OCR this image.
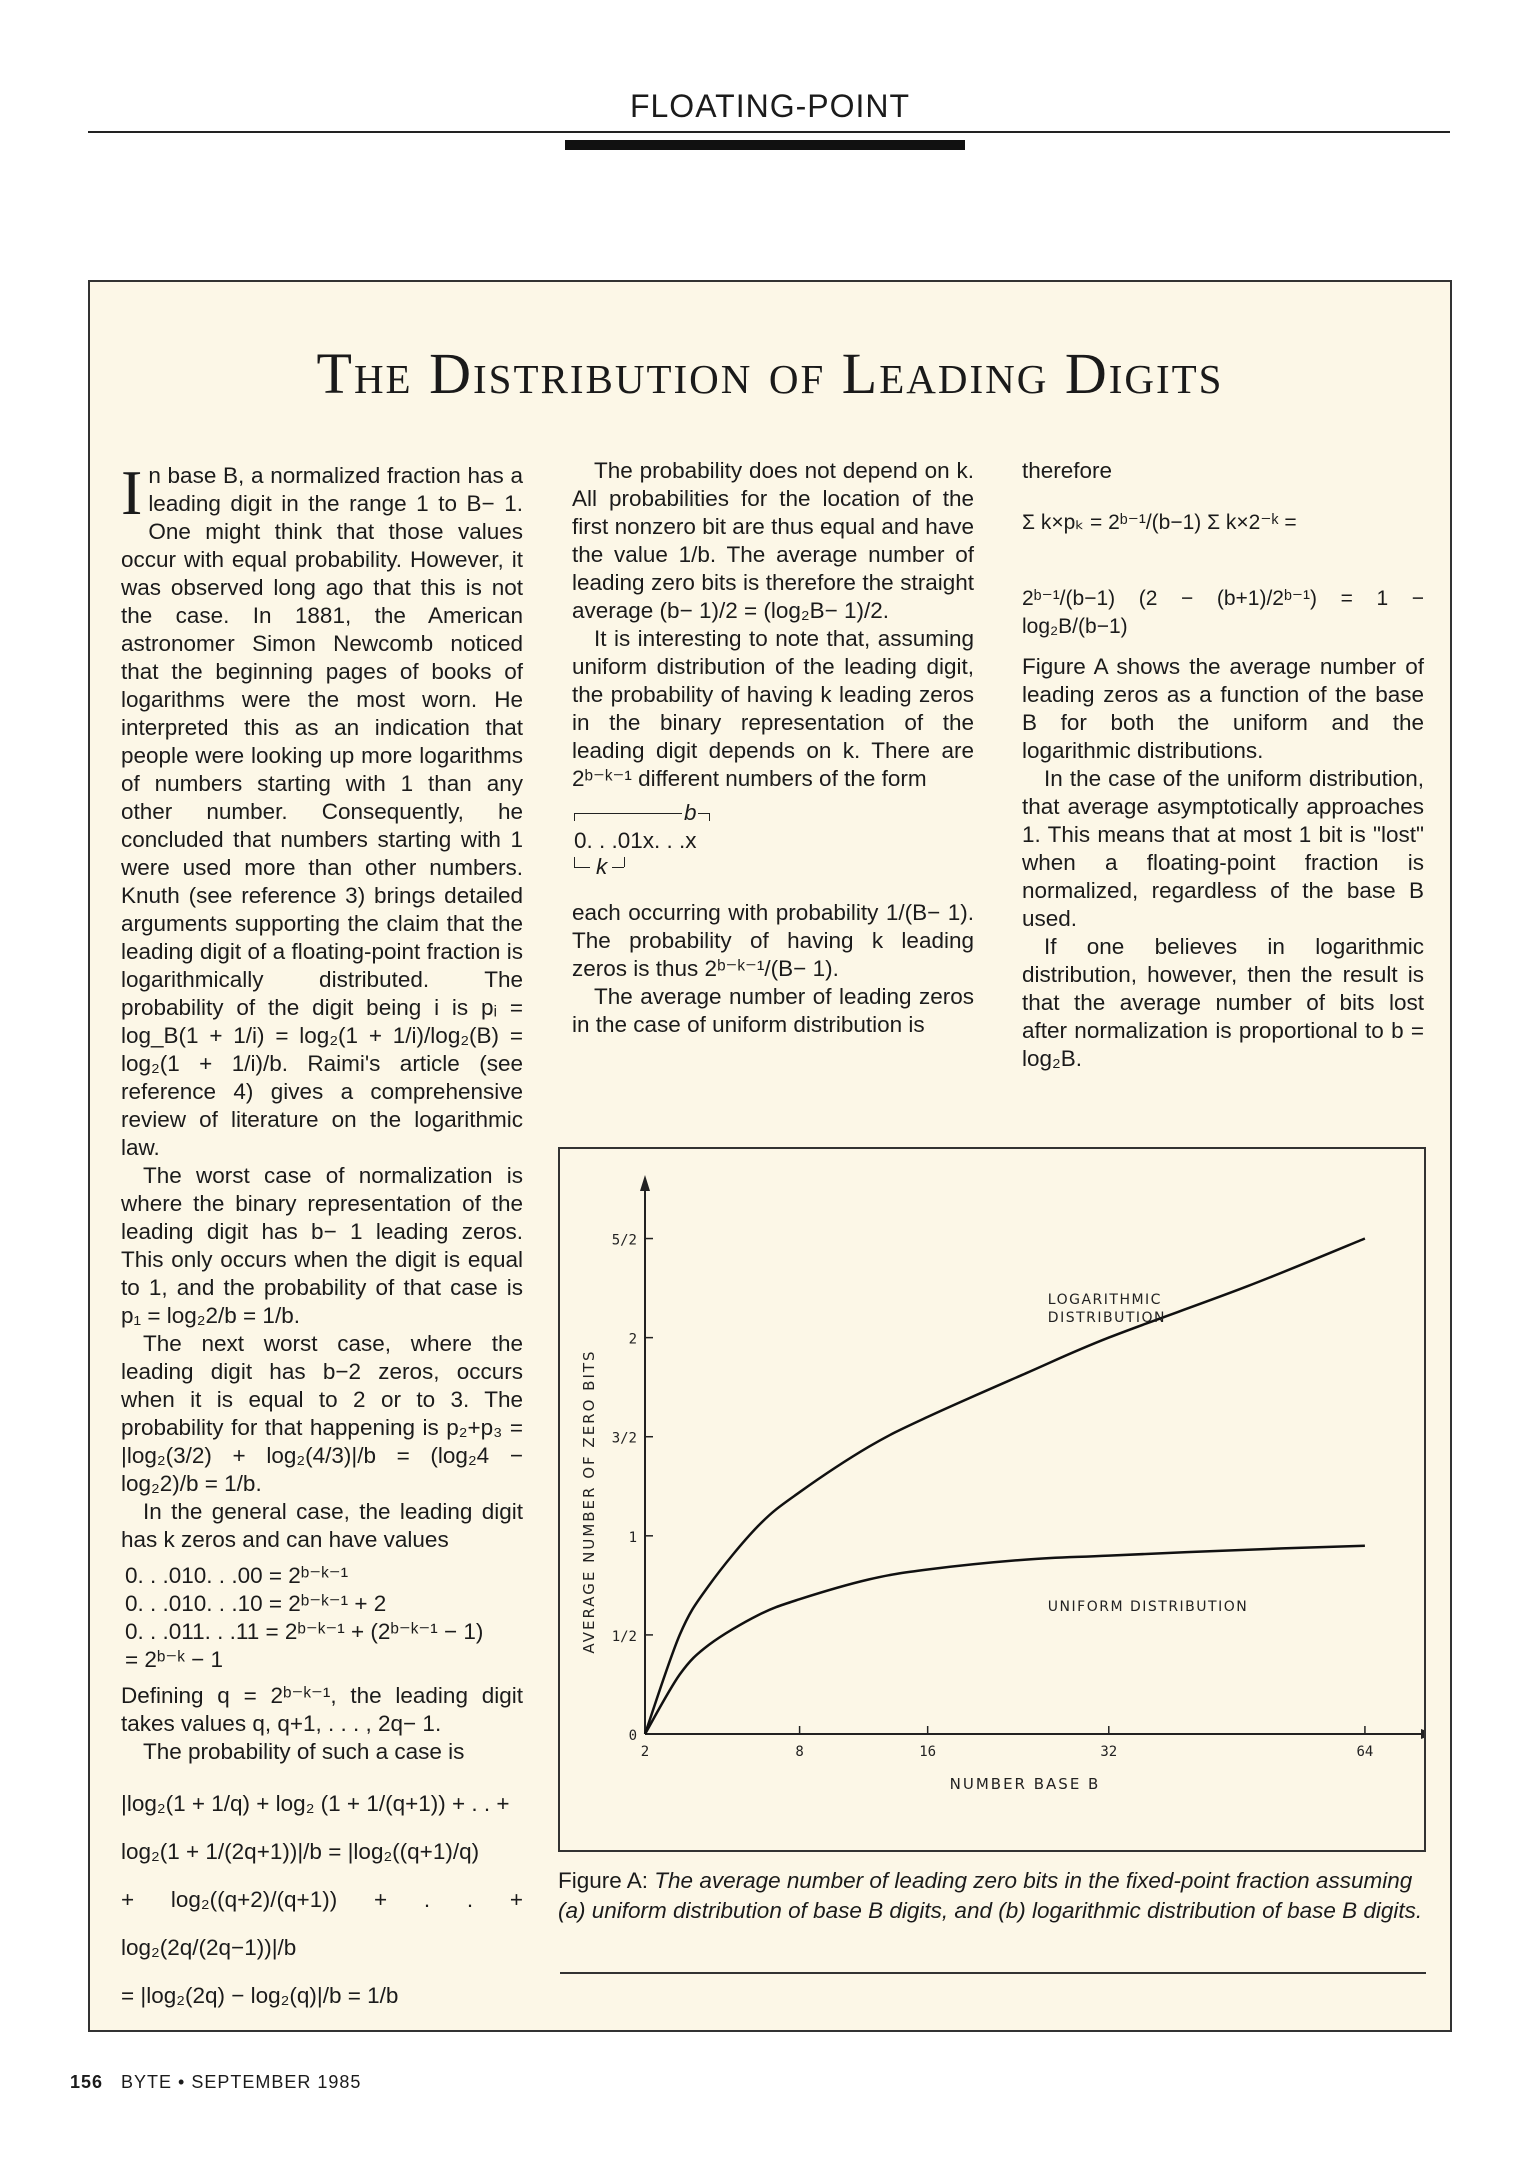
FLOATING-POINT
The Distribution of Leading Digits
I n base B, a normalized fraction has a leading digit in the range 1 to B− 1. One might think that those values occur with equal probability. However, it was observed long ago that this is not the case. In 1881, the American astronomer Simon Newcomb noticed that the beginning pages of books of logarithms were the most worn. He interpreted this as an indication that people were looking up more logarithms of numbers starting with 1 than any other number. Consequently, he concluded that numbers starting with 1 were used more than other numbers. Knuth (see reference 3) brings detailed arguments supporting the claim that the leading digit of a floating-point fraction is logarithmically distributed. The probability of the digit being i is pᵢ = log_B(1 + 1/i) = log₂(1 + 1/i)/log₂(B) = log₂(1 + 1/i)/b. Raimi's article (see reference 4) gives a comprehensive review of literature on the logarithmic law.

The worst case of normalization is where the binary representation of the leading digit has b− 1 leading zeros. This only occurs when the digit is equal to 1, and the probability of that case is p₁ = log₂2/b = 1/b.

The next worst case, where the leading digit has b−2 zeros, occurs when it is equal to 2 or to 3. The probability for that happening is p₂+p₃ = |log₂(3/2) + log₂(4/3)|/b = (log₂4 − log₂2)/b = 1/b.

In the general case, the leading digit has k zeros and can have values

0. . .010. . .00 = 2ᵇ⁻ᵏ⁻¹
0. . .010. . .10 = 2ᵇ⁻ᵏ⁻¹ + 2
0. . .011. . .11 = 2ᵇ⁻ᵏ⁻¹ + (2ᵇ⁻ᵏ⁻¹ − 1)
= 2ᵇ⁻ᵏ − 1

Defining q = 2ᵇ⁻ᵏ⁻¹, the leading digit takes values q, q+1, . . . , 2q− 1.

The probability of such a case is

|log₂(1 + 1/q) + log₂ (1 + 1/(q+1)) + . . +
log₂(1 + 1/(2q+1))|/b = |log₂((q+1)/q)
+ log₂((q+2)/(q+1)) + . . + log₂(2q/(2q−1))|/b
= |log₂(2q) − log₂(q)|/b = 1/b

The probability does not depend on k. All probabilities for the location of the first nonzero bit are thus equal and have the value 1/b. The average number of leading zero bits is therefore the straight average (b− 1)/2 = (log₂B− 1)/2.

It is interesting to note that, assuming uniform distribution of the leading digit, the probability of having k leading zeros in the binary representation of the leading digit depends on k. There are 2ᵇ⁻ᵏ⁻¹ different numbers of the form

b
0. . .01x. . .x
k

each occurring with probability 1/(B− 1). The probability of having k leading zeros is thus 2ᵇ⁻ᵏ⁻¹/(B− 1).

The average number of leading zeros in the case of uniform distribution is

therefore

Σ k×pₖ = 2ᵇ⁻¹/(b−1) Σ k×2⁻ᵏ =
2ᵇ⁻¹/(b−1) (2 − (b+1)/2ᵇ⁻¹) = 1 − log₂B/(b−1)

Figure A shows the average number of leading zeros as a function of the base B for both the uniform and the logarithmic distributions.

In the case of the uniform distribution, that average asymptotically approaches 1. This means that at most 1 bit is "lost" when a floating-point fraction is normalized, regardless of the base B used.

If one believes in logarithmic distribution, however, then the result is that the average number of bits lost after normalization is proportional to b = log₂B.

0
1/2
1
3/2
2
5/2
2	8	16	32	64
NUMBER BASE B
AVERAGE NUMBER OF ZERO BITS
LOGARITHMIC
DISTRIBUTION
UNIFORM DISTRIBUTION
Figure A: The average number of leading zero bits in the fixed-point fraction assuming (a) uniform distribution of base B digits, and (b) logarithmic distribution of base B digits.
156 BYTE • SEPTEMBER 1985
